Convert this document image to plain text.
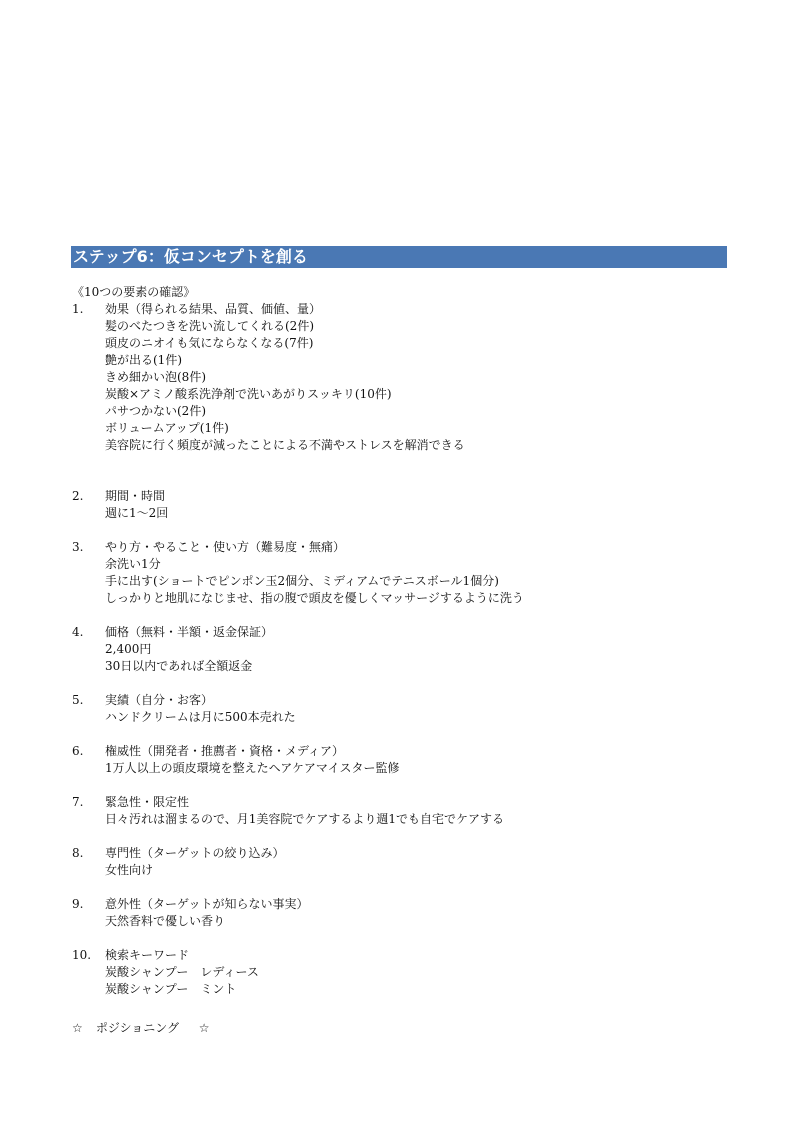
ステップ6：仮コンセプトを創る
《10つの要素の確認》
1.	効果（得られる結果、品質、価値、量）
髪のべたつきを洗い流してくれる(2件)
頭皮のニオイも気にならなくなる(7件)
艶が出る(1件)
きめ細かい泡(8件)
炭酸×アミノ酸系洗浄剤で洗いあがりスッキリ(10件)
パサつかない(2件)
ボリュームアップ(1件)
美容院に行く頻度が減ったことによる不満やストレスを解消できる
2.	期間・時間
週に1～2回
3.	やり方・やること・使い方（難易度・無痛）
余洗い1分
手に出す(ショートでピンポン玉2個分、ミディアムでテニスボール1個分)
しっかりと地肌になじませ、指の腹で頭皮を優しくマッサージするように洗う
4.	価格（無料・半額・返金保証）
2,400円
30日以内であれば全額返金
5.	実績（自分・お客）
ハンドクリームは月に500本売れた
6.	権威性（開発者・推薦者・資格・メディア）
1万人以上の頭皮環境を整えたヘアケアマイスター監修
7.	緊急性・限定性
日々汚れは溜まるので、月1美容院でケアするより週1でも自宅でケアする
8.	専門性（ターゲットの絞り込み）
女性向け
9.	意外性（ターゲットが知らない事実）
天然香料で優しい香り
10.	検索キーワード
炭酸シャンプー　レディース
炭酸シャンプー　ミント
☆ ポジショニング ☆
